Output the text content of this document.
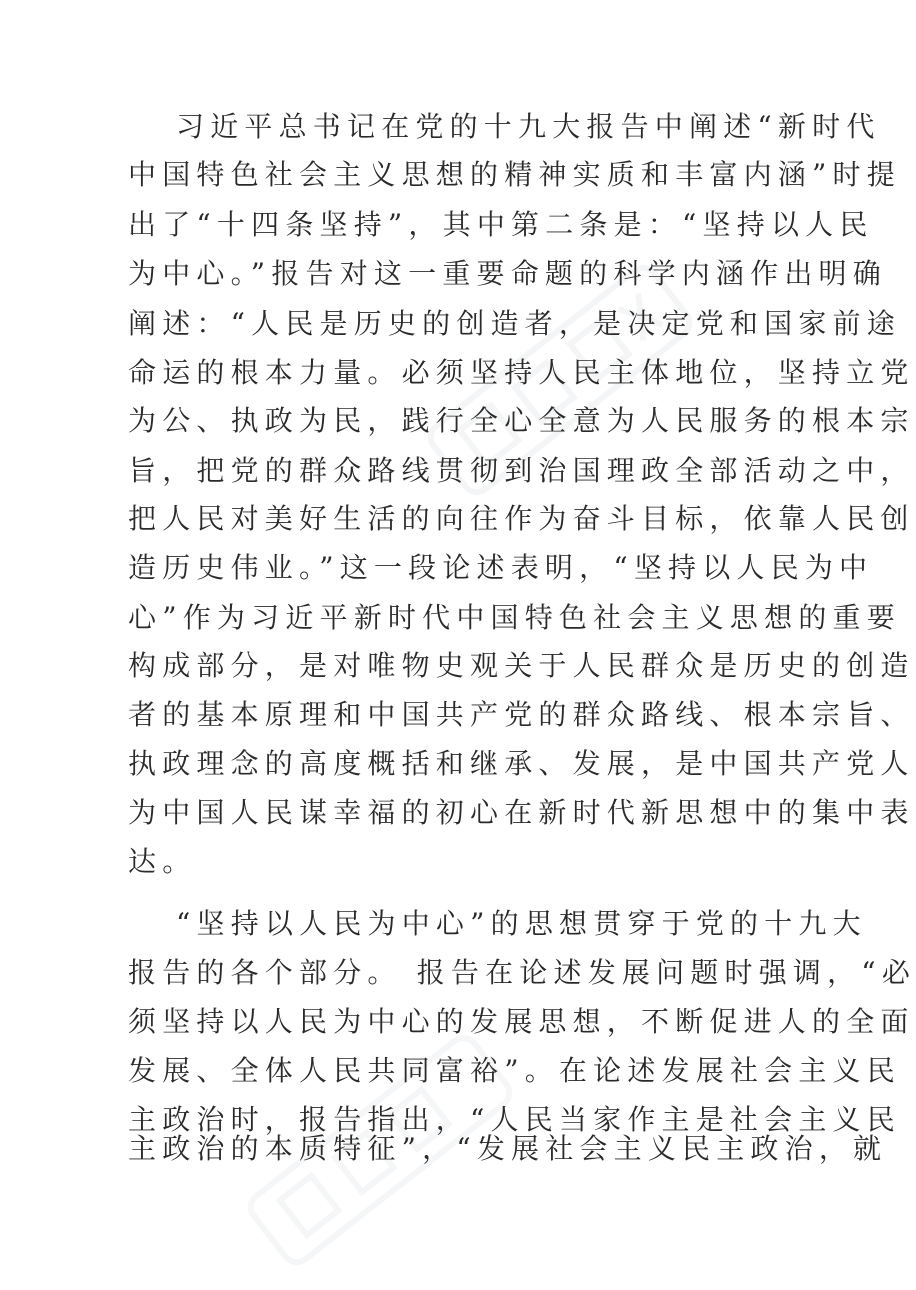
习近平总书记在党的十九大报告中阐述“新时代
中国特色社会主义思想的精神实质和丰富内涵”时提
出了“十四条坚持”，其中第二条是：“坚持以人民
为中心。”报告对这一重要命题的科学内涵作出明确
阐述：“人民是历史的创造者，是决定党和国家前途
命运的根本力量。必须坚持人民主体地位，坚持立党
为公、执政为民，践行全心全意为人民服务的根本宗
旨，把党的群众路线贯彻到治国理政全部活动之中，
把人民对美好生活的向往作为奋斗目标，依靠人民创
造历史伟业。”这一段论述表明，“坚持以人民为中
心”作为习近平新时代中国特色社会主义思想的重要
构成部分，是对唯物史观关于人民群众是历史的创造
者的基本原理和中国共产党的群众路线、根本宗旨、
执政理念的高度概括和继承、发展，是中国共产党人
为中国人民谋幸福的初心在新时代新思想中的集中表
达。
“坚持以人民为中心”的思想贯穿于党的十九大
报告的各个部分。 报告在论述发展问题时强调，“必
须坚持以人民为中心的发展思想，不断促进人的全面
发展、全体人民共同富裕”。在论述发展社会主义民
主政治时，报告指出，“人民当家作主是社会主义民
主政治的本质特征”，“发展社会主义民主政治，就
